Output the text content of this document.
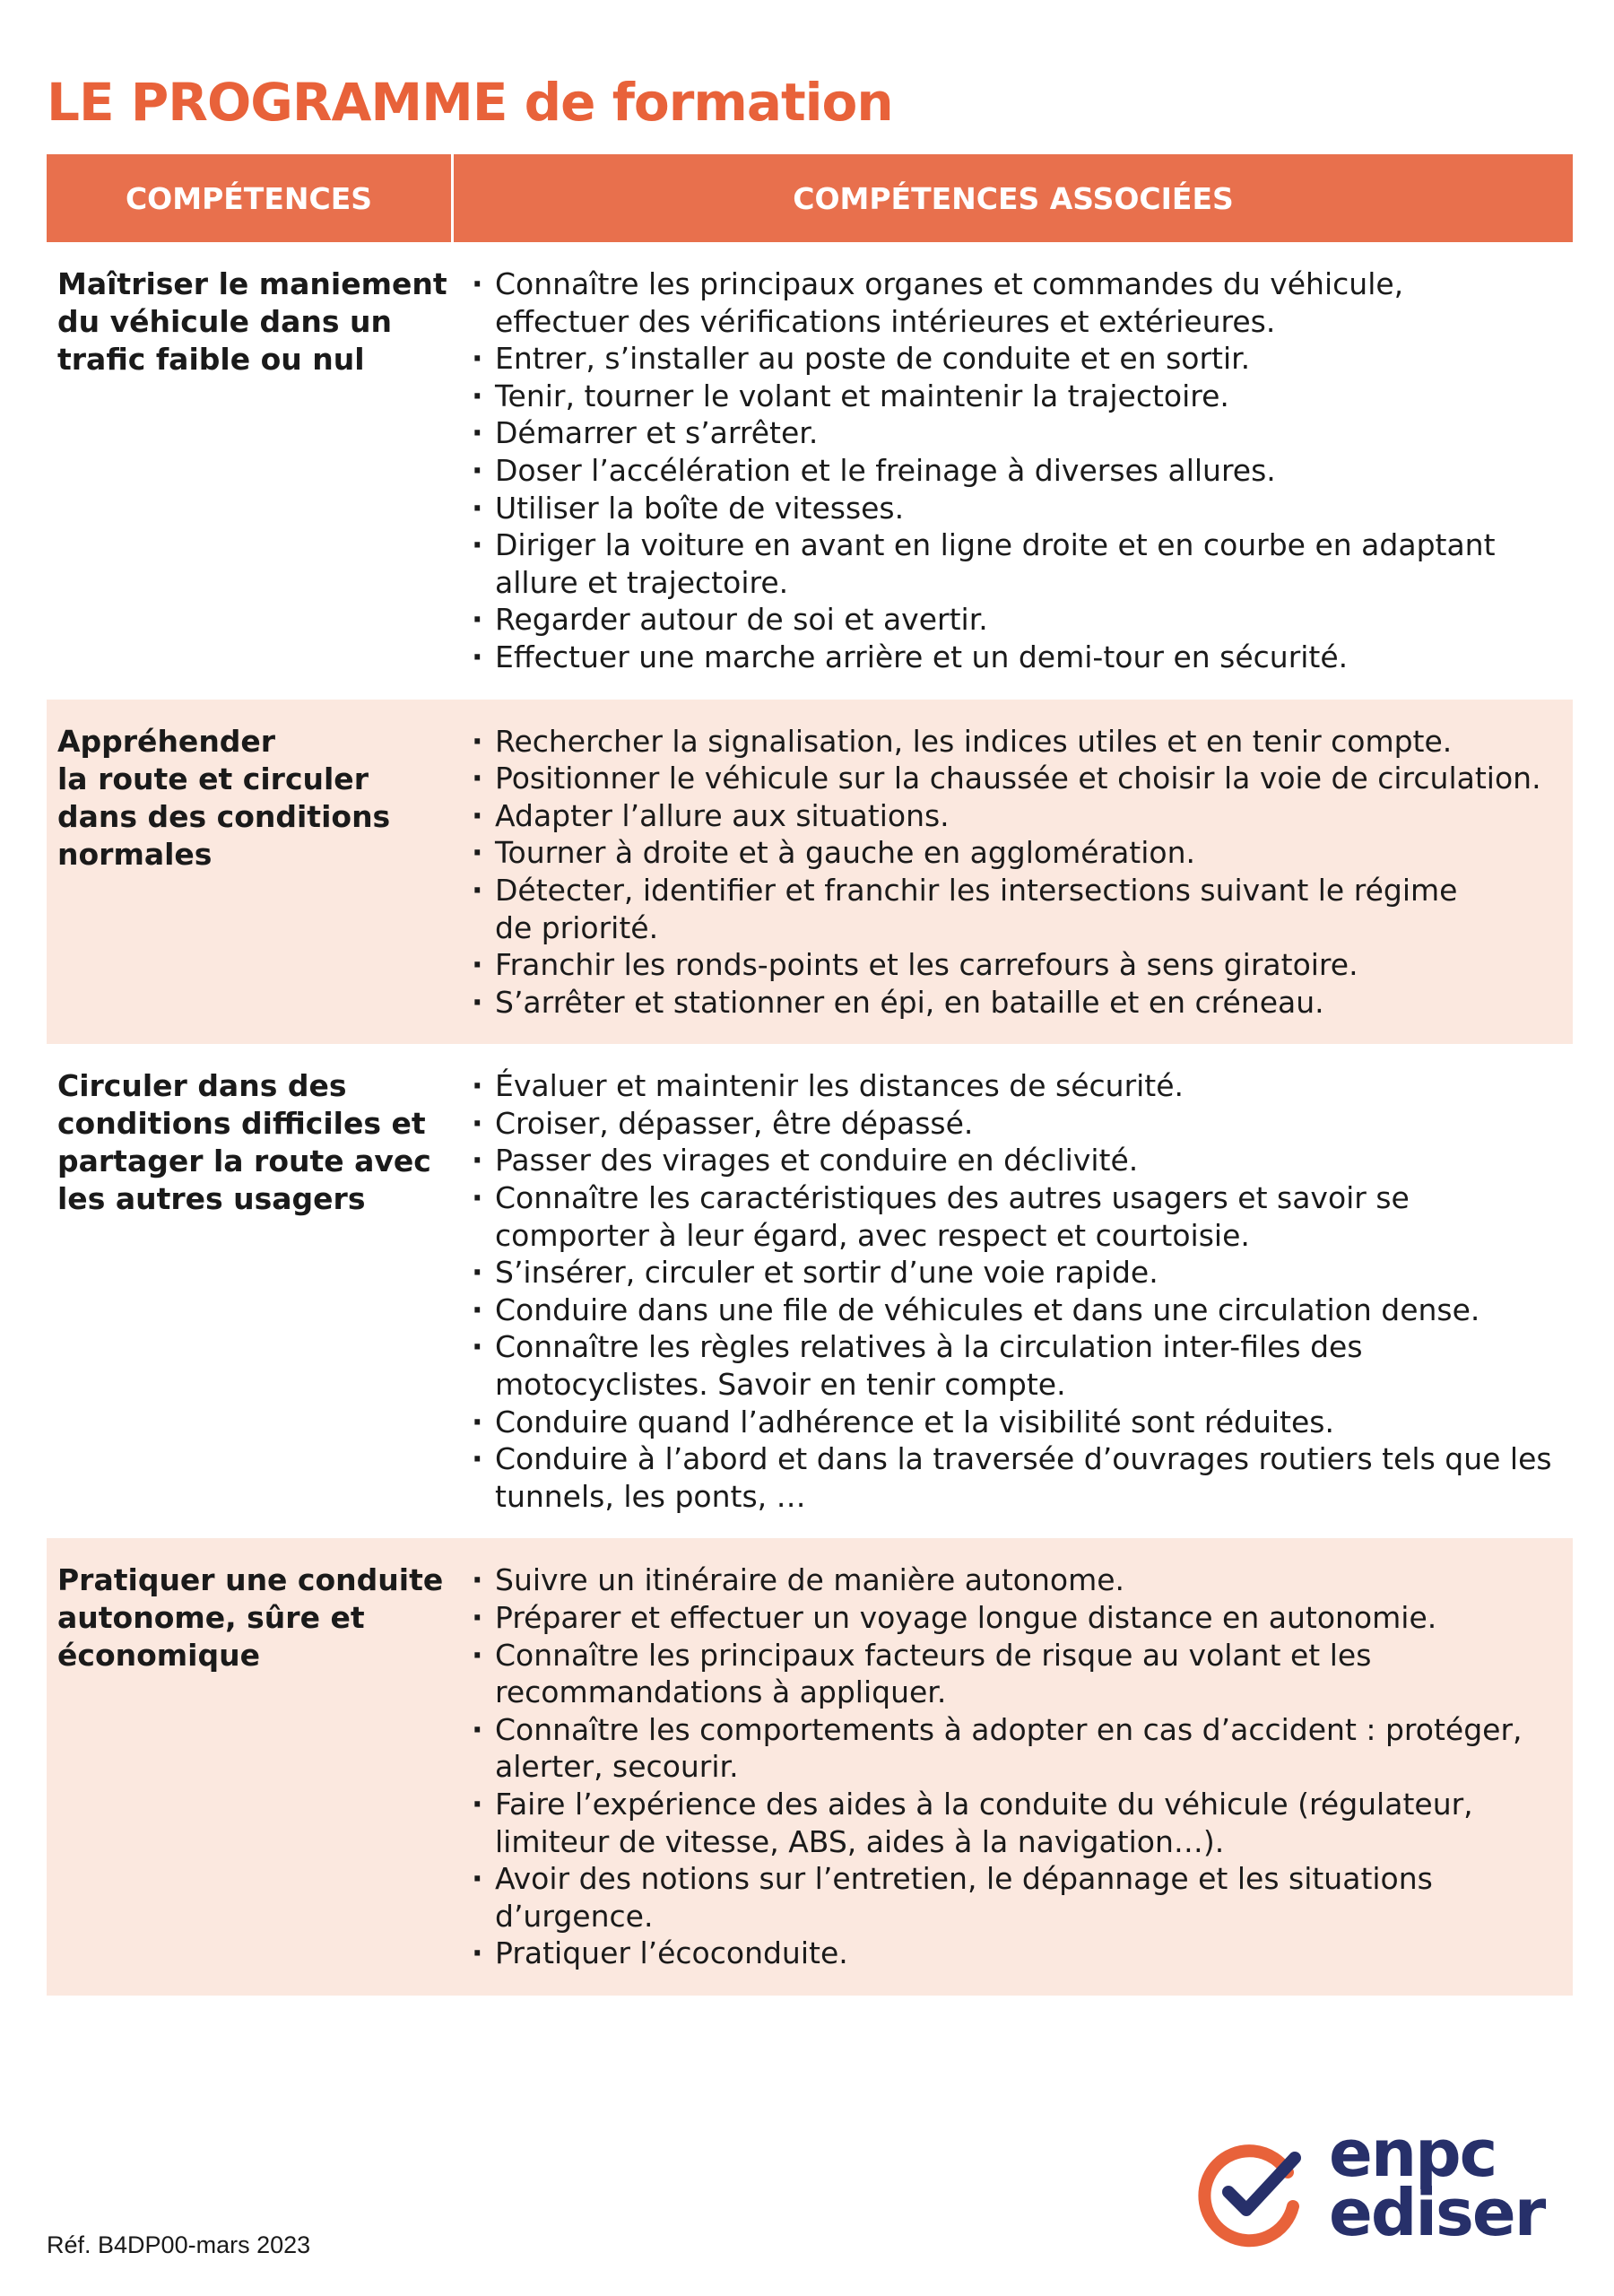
LE PROGRAMME de formation
COMPÉTENCES	COMPÉTENCES ASSOCIÉES
Maîtriser le maniement
du véhicule dans un
trafic faible ou nul
· Connaître les principaux organes et commandes du véhicule,
effectuer des vérifications intérieures et extérieures.
· Entrer, s’installer au poste de conduite et en sortir.
· Tenir, tourner le volant et maintenir la trajectoire.
· Démarrer et s’arrêter.
· Doser l’accélération et le freinage à diverses allures.
· Utiliser la boîte de vitesses.
· Diriger la voiture en avant en ligne droite et en courbe en adaptant
allure et trajectoire.
· Regarder autour de soi et avertir.
· Effectuer une marche arrière et un demi-tour en sécurité.
Appréhender
la route et circuler
dans des conditions
normales
· Rechercher la signalisation, les indices utiles et en tenir compte.
· Positionner le véhicule sur la chaussée et choisir la voie de circulation.
· Adapter l’allure aux situations.
· Tourner à droite et à gauche en agglomération.
· Détecter, identifier et franchir les intersections suivant le régime
de priorité.
· Franchir les ronds-points et les carrefours à sens giratoire.
· S’arrêter et stationner en épi, en bataille et en créneau.
Circuler dans des
conditions difficiles et
partager la route avec
les autres usagers
· Évaluer et maintenir les distances de sécurité.
· Croiser, dépasser, être dépassé.
· Passer des virages et conduire en déclivité.
· Connaître les caractéristiques des autres usagers et savoir se
comporter à leur égard, avec respect et courtoisie.
· S’insérer, circuler et sortir d’une voie rapide.
· Conduire dans une file de véhicules et dans une circulation dense.
· Connaître les règles relatives à la circulation inter-files des
motocyclistes. Savoir en tenir compte.
· Conduire quand l’adhérence et la visibilité sont réduites.
· Conduire à l’abord et dans la traversée d’ouvrages routiers tels que les
tunnels, les ponts, …
Pratiquer une conduite
autonome, sûre et
économique
· Suivre un itinéraire de manière autonome.
· Préparer et effectuer un voyage longue distance en autonomie.
· Connaître les principaux facteurs de risque au volant et les
recommandations à appliquer.
· Connaître les comportements à adopter en cas d’accident : protéger,
alerter, secourir.
· Faire l’expérience des aides à la conduite du véhicule (régulateur,
limiteur de vitesse, ABS, aides à la navigation…).
· Avoir des notions sur l’entretien, le dépannage et les situations
d’urgence.
· Pratiquer l’écoconduite.
Réf. B4DP00-mars 2023
enpc
ediser
